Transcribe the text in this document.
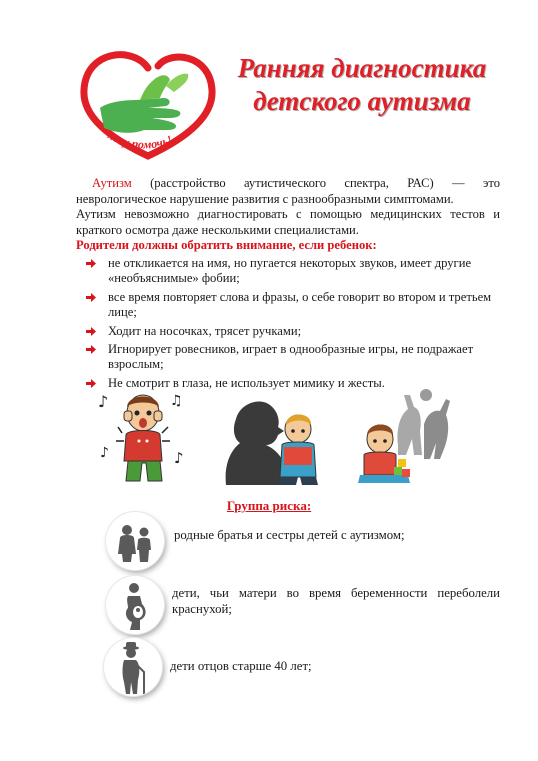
хочу помочь!
Ранняя диагностика
детского аутизма

Аутизм (расстройство аутистического спектра, РАС) — это неврологическое нарушение развития с разнообразными симптомами.

Аутизм невозможно диагностировать с помощью медицинских тестов и краткого осмотра даже несколькими специалистами.

Родители должны обратить внимание, если ребенок:

не откликается на имя, но пугается некоторых звуков, имеет другие «необъяснимые» фобии;
все время повторяет слова и фразы, о себе говорит во втором и третьем лице;
Ходит на носочках, трясет ручками;
Игнорирует ровесников, играет в однообразные игры, не подражает взрослым;
Не смотрит в глаза, не использует мимику и жесты.
♪	♫
♪	♪
Группа риска:
родные братья и сестры детей с аутизмом;
дети, чьи матери во время беременности переболели краснухой;
дети отцов старше 40 лет;
